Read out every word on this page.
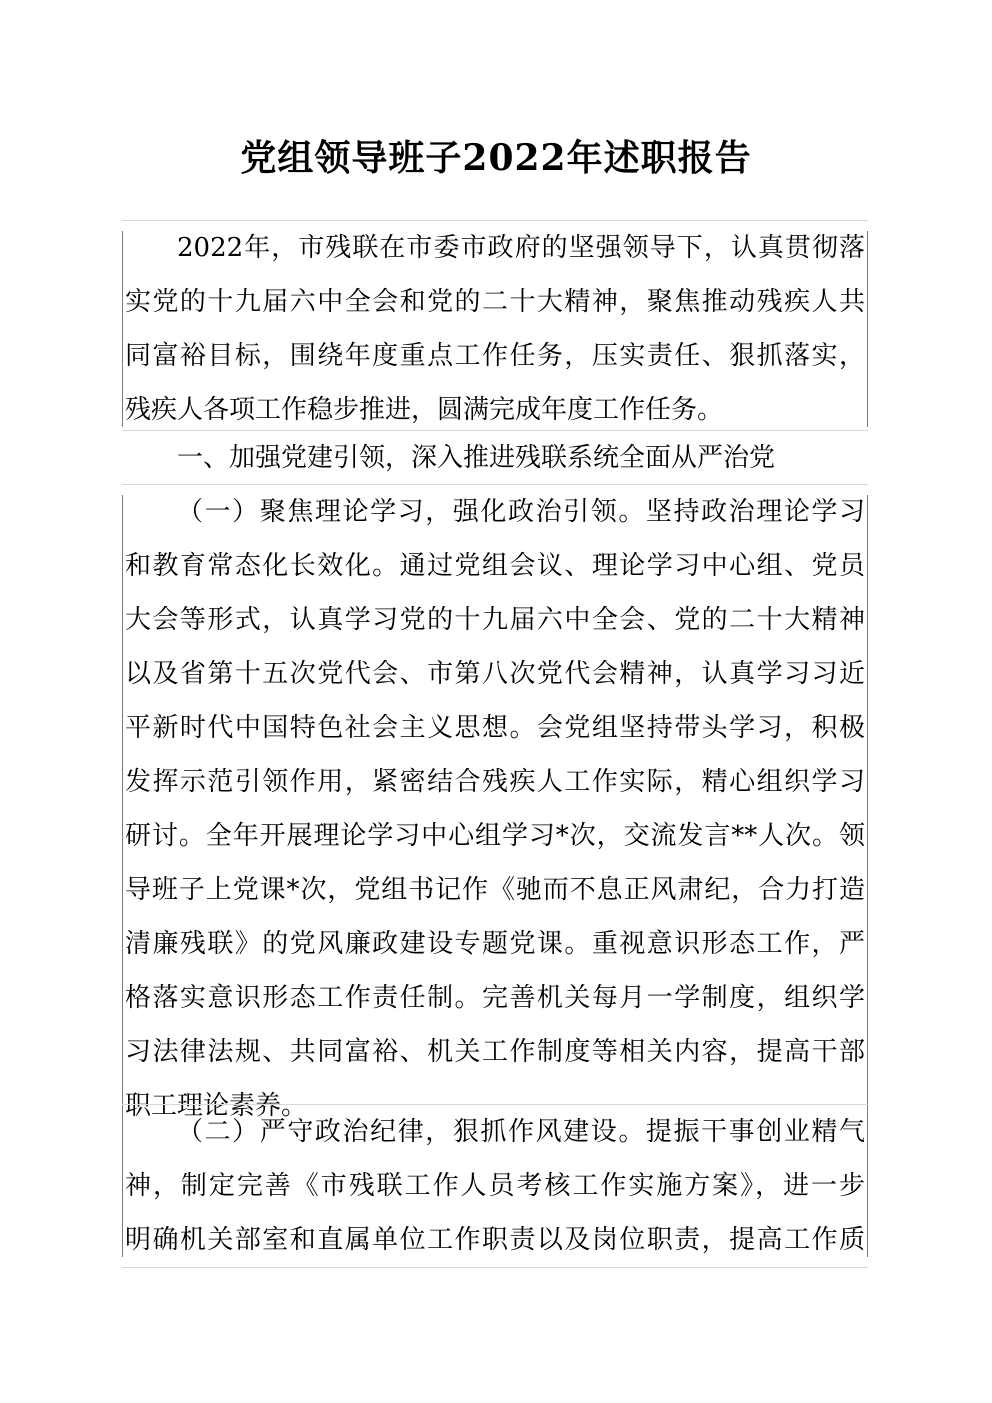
党组领导班子2022年述职报告
2022年，市残联在市委市政府的坚强领导下，认真贯彻落
实党的十九届六中全会和党的二十大精神，聚焦推动残疾人共
同富裕目标，围绕年度重点工作任务，压实责任、狠抓落实，
残疾人各项工作稳步推进，圆满完成年度工作任务。
一、加强党建引领，深入推进残联系统全面从严治党
（一）聚焦理论学习，强化政治引领。坚持政治理论学习
和教育常态化长效化。通过党组会议、理论学习中心组、党员
大会等形式，认真学习党的十九届六中全会、党的二十大精神
以及省第十五次党代会、市第八次党代会精神，认真学习习近
平新时代中国特色社会主义思想。会党组坚持带头学习，积极
发挥示范引领作用，紧密结合残疾人工作实际，精心组织学习
研讨。全年开展理论学习中心组学习*次，交流发言**人次。领
导班子上党课*次，党组书记作《驰而不息正风肃纪，合力打造
清廉残联》的党风廉政建设专题党课。重视意识形态工作，严
格落实意识形态工作责任制。完善机关每月一学制度，组织学
习法律法规、共同富裕、机关工作制度等相关内容，提高干部
职工理论素养。
（二）严守政治纪律，狠抓作风建设。提振干事创业精气
神，制定完善《市残联工作人员考核工作实施方案》，进一步
明确机关部室和直属单位工作职责以及岗位职责，提高工作质
